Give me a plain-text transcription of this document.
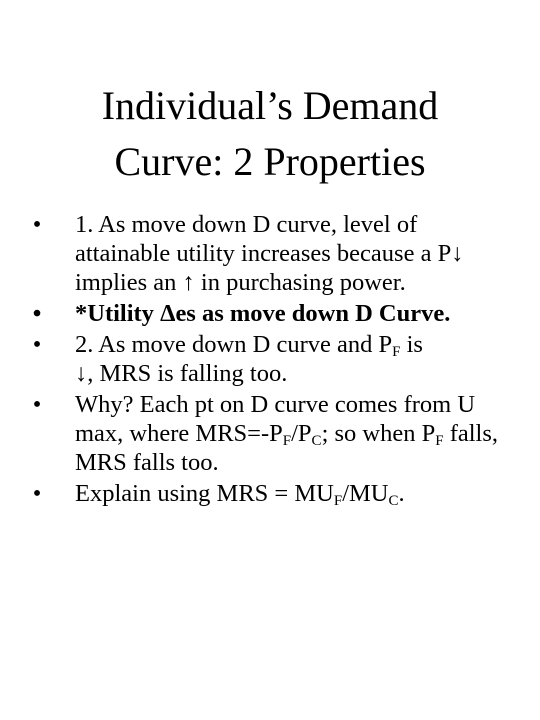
Individual’s Demand
Curve: 2 Properties
• 1. As move down D curve, level of attainable utility increases because a P↓ implies an ↑ in purchasing power.
• *Utility Δes as move down D Curve.
• 2. As move down D curve and $P_F$ is
↓, MRS is falling too.
• Why? Each pt on D curve comes from U max, where $MRS=-P_F/P_C$; so when $P_F$ falls, MRS falls too.
• Explain using MRS = $MU_F/MU_C$.
